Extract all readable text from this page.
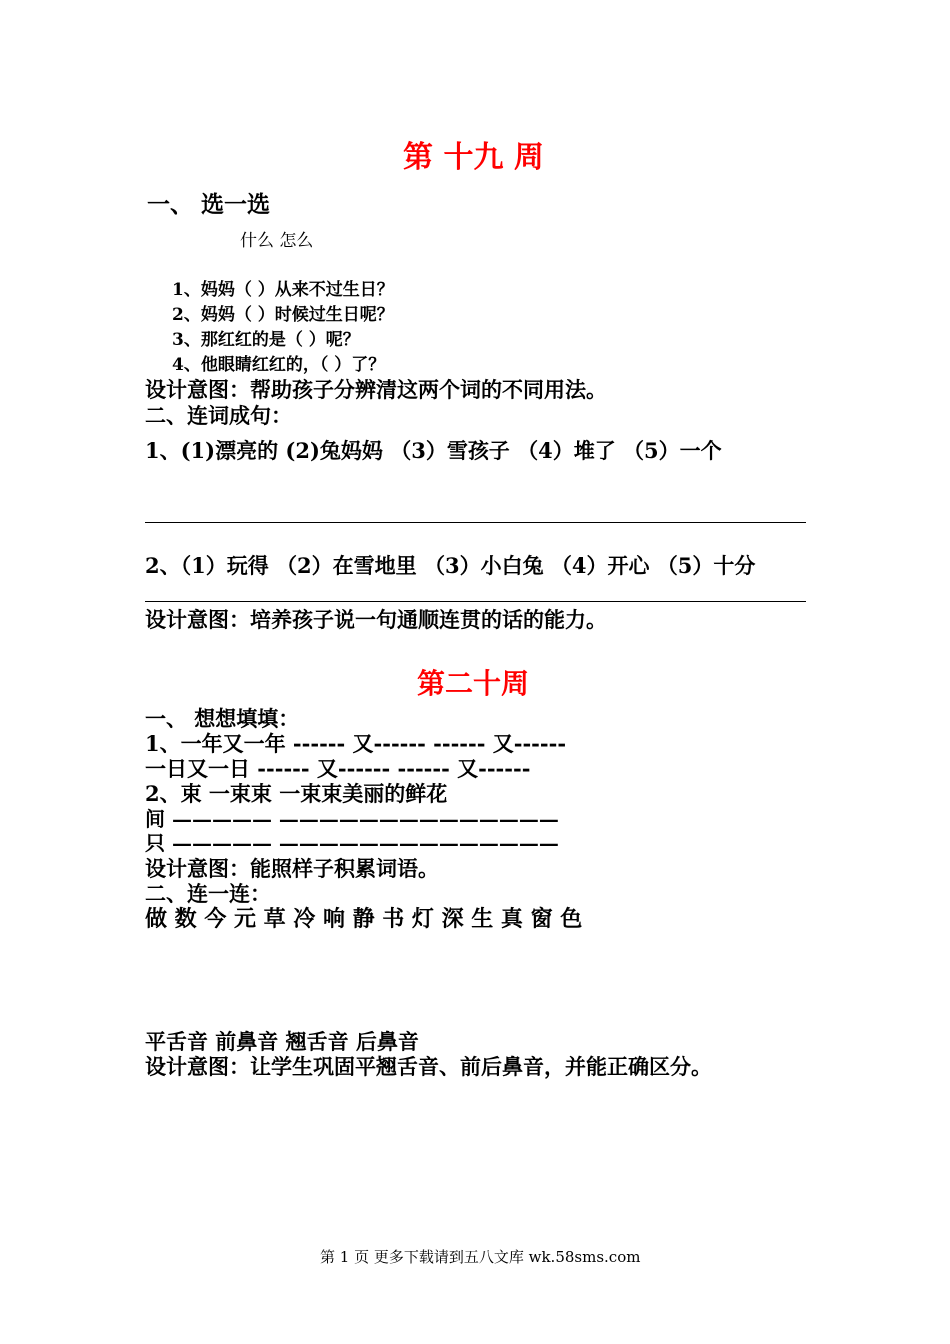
第 十九 周
一、 选一选
什么 怎么
1、妈妈（ ）从来不过生日？
2、妈妈（ ）时候过生日呢？
3、那红红的是（ ）呢？
4、他眼睛红红的，（ ）了？
设计意图：帮助孩子分辨清这两个词的不同用法。
二、连词成句：
1、(1)漂亮的 (2)兔妈妈 （3）雪孩子 （4）堆了 （5）一个
2、（1）玩得 （2）在雪地里 （3）小白兔 （4）开心 （5）十分
设计意图：培养孩子说一句通顺连贯的话的能力。
第二十周
一、 想想填填：
1、一年又一年 ------ 又------ ------ 又------
一日又一日 ------ 又------ ------ 又------
2、束 一束束 一束束美丽的鲜花
间 ————— ——————————————
只 ————— ——————————————
设计意图：能照样子积累词语。
二、连一连：
做 数 今 元 草 冷 响 静 书 灯 深 生 真 窗 色
平舌音 前鼻音 翘舌音 后鼻音
设计意图：让学生巩固平翘舌音、前后鼻音，并能正确区分。
第 1 页 更多下载请到五八文库 wk.58sms.com
